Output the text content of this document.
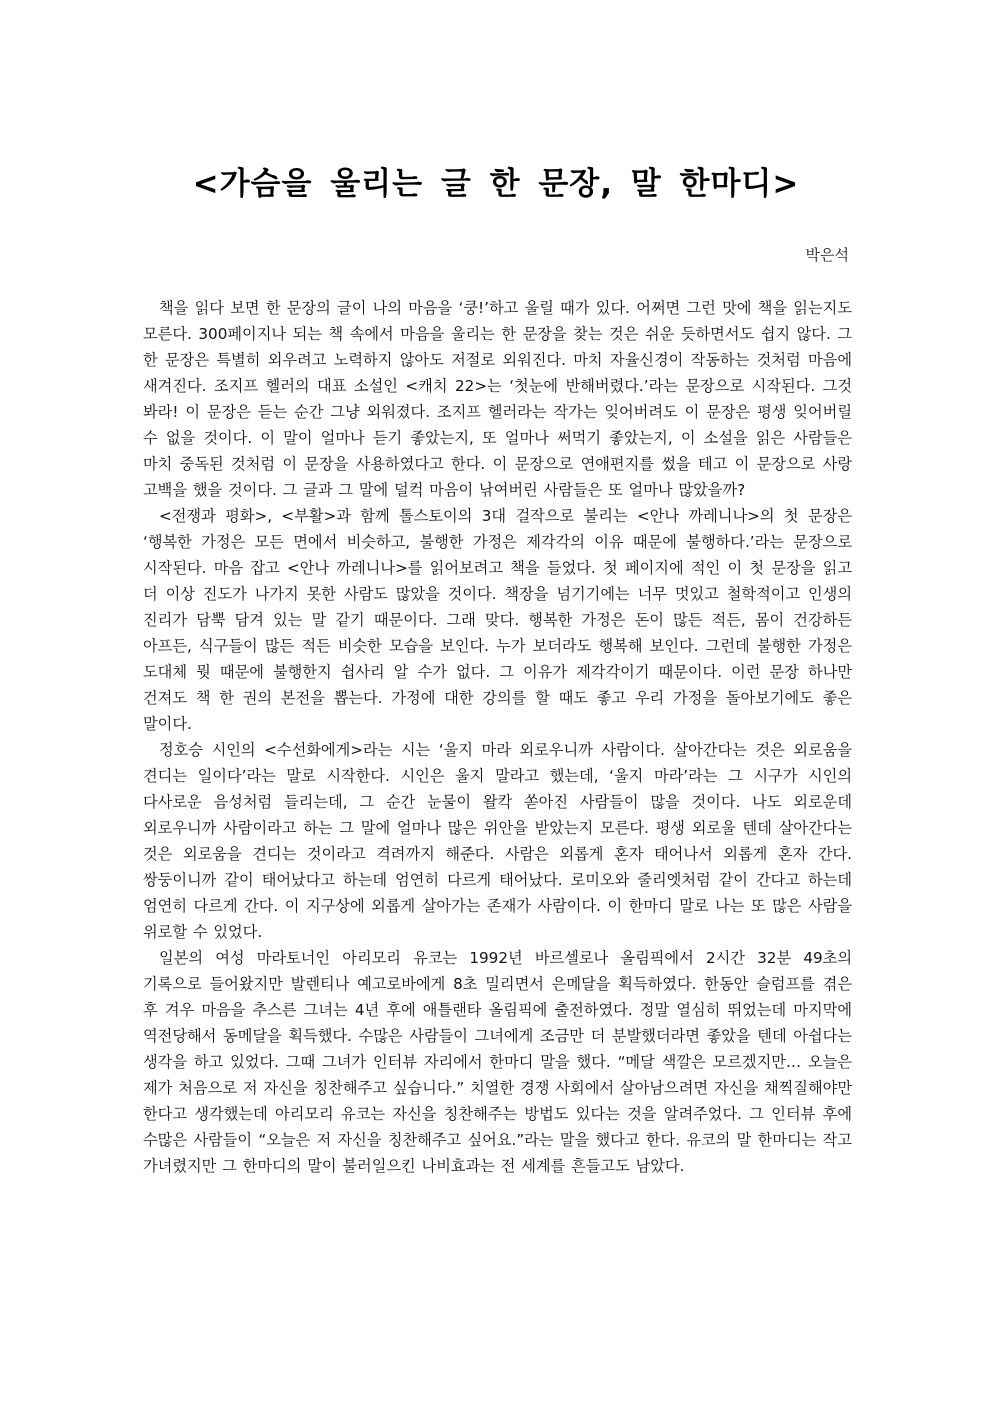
<가슴을 울리는 글 한 문장, 말 한마디>
박은석

책을 읽다 보면 한 문장의 글이 나의 마음을 ‘쿵!’하고 울릴 때가 있다. 어쩌면 그런 맛에 책을 읽는지도 모른다. 300페이지나 되는 책 속에서 마음을 울리는 한 문장을 찾는 것은 쉬운 듯하면서도 쉽지 않다. 그 한 문장은 특별히 외우려고 노력하지 않아도 저절로 외워진다. 마치 자율신경이 작동하는 것처럼 마음에 새겨진다. 조지프 헬러의 대표 소설인 <캐치 22>는 ‘첫눈에 반해버렸다.’라는 문장으로 시작된다. 그것 봐라! 이 문장은 듣는 순간 그냥 외워졌다. 조지프 헬러라는 작가는 잊어버려도 이 문장은 평생 잊어버릴 수 없을 것이다. 이 말이 얼마나 듣기 좋았는지, 또 얼마나 써먹기 좋았는지, 이 소설을 읽은 사람들은 마치 중독된 것처럼 이 문장을 사용하였다고 한다. 이 문장으로 연애편지를 썼을 테고 이 문장으로 사랑 고백을 했을 것이다. 그 글과 그 말에 덜컥 마음이 낚여버린 사람들은 또 얼마나 많았을까?

<전쟁과 평화>, <부활>과 함께 톨스토이의 3대 걸작으로 불리는 <안나 까레니나>의 첫 문장은 ‘행복한 가정은 모든 면에서 비슷하고, 불행한 가정은 제각각의 이유 때문에 불행하다.’라는 문장으로 시작된다. 마음 잡고 <안나 까레니나>를 읽어보려고 책을 들었다. 첫 페이지에 적인 이 첫 문장을 읽고 더 이상 진도가 나가지 못한 사람도 많았을 것이다. 책장을 넘기기에는 너무 멋있고 철학적이고 인생의 진리가 담뿍 담겨 있는 말 같기 때문이다. 그래 맞다. 행복한 가정은 돈이 많든 적든, 몸이 건강하든 아프든, 식구들이 많든 적든 비슷한 모습을 보인다. 누가 보더라도 행복해 보인다. 그런데 불행한 가정은 도대체 뭣 때문에 불행한지 쉽사리 알 수가 없다. 그 이유가 제각각이기 때문이다. 이런 문장 하나만 건져도 책 한 권의 본전을 뽑는다. 가정에 대한 강의를 할 때도 좋고 우리 가정을 돌아보기에도 좋은 말이다.

정호승 시인의 <수선화에게>라는 시는 ‘울지 마라 외로우니까 사람이다. 살아간다는 것은 외로움을 견디는 일이다’라는 말로 시작한다. 시인은 울지 말라고 했는데, ‘울지 마라’라는 그 시구가 시인의 다사로운 음성처럼 들리는데, 그 순간 눈물이 왈칵 쏟아진 사람들이 많을 것이다. 나도 외로운데 외로우니까 사람이라고 하는 그 말에 얼마나 많은 위안을 받았는지 모른다. 평생 외로울 텐데 살아간다는 것은 외로움을 견디는 것이라고 격려까지 해준다. 사람은 외롭게 혼자 태어나서 외롭게 혼자 간다. 쌍둥이니까 같이 태어났다고 하는데 엄연히 다르게 태어났다. 로미오와 줄리엣처럼 같이 간다고 하는데 엄연히 다르게 간다. 이 지구상에 외롭게 살아가는 존재가 사람이다. 이 한마디 말로 나는 또 많은 사람을 위로할 수 있었다.

일본의 여성 마라토너인 아리모리 유코는 1992년 바르셀로나 올림픽에서 2시간 32분 49초의 기록으로 들어왔지만 발렌티나 예고로바에게 8초 밀리면서 은메달을 획득하였다. 한동안 슬럼프를 겪은 후 겨우 마음을 추스른 그녀는 4년 후에 애틀랜타 올림픽에 출전하였다. 정말 열심히 뛰었는데 마지막에 역전당해서 동메달을 획득했다. 수많은 사람들이 그녀에게 조금만 더 분발했더라면 좋았을 텐데 아쉽다는 생각을 하고 있었다. 그때 그녀가 인터뷰 자리에서 한마디 말을 했다. “메달 색깔은 모르겠지만… 오늘은 제가 처음으로 저 자신을 칭찬해주고 싶습니다.” 치열한 경쟁 사회에서 살아남으려면 자신을 채찍질해야만 한다고 생각했는데 아리모리 유코는 자신을 칭찬해주는 방법도 있다는 것을 알려주었다. 그 인터뷰 후에 수많은 사람들이 “오늘은 저 자신을 칭찬해주고 싶어요.”라는 말을 했다고 한다. 유코의 말 한마디는 작고 가녀렸지만 그 한마디의 말이 불러일으킨 나비효과는 전 세계를 흔들고도 남았다.
